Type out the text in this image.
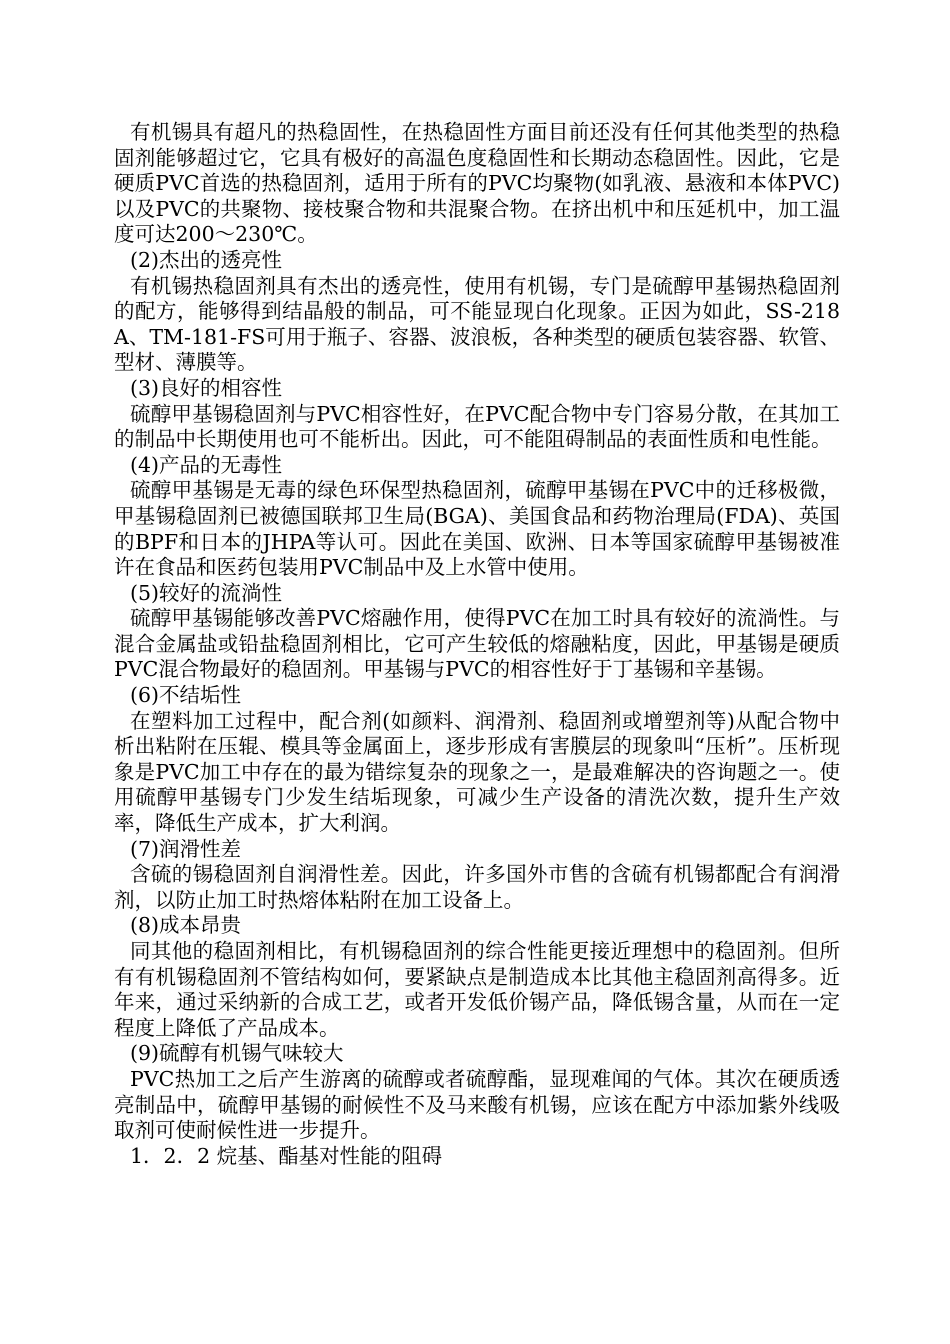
有机锡具有超凡的热稳固性，在热稳固性方面目前还没有任何其他类型的热稳固剂能够超过它，它具有极好的高温色度稳固性和长期动态稳固性。因此，它是硬质PVC首选的热稳固剂，适用于所有的PVC均聚物(如乳液、悬液和本体PVC)以及PVC的共聚物、接枝聚合物和共混聚合物。在挤出机中和压延机中，加工温度可达200～230℃。

(2)杰出的透亮性

有机锡热稳固剂具有杰出的透亮性，使用有机锡，专门是硫醇甲基锡热稳固剂的配方，能够得到结晶般的制品，可不能显现白化现象。正因为如此，SS-218A、TM-181-FS可用于瓶子、容器、波浪板，各种类型的硬质包装容器、软管、型材、薄膜等。

(3)良好的相容性

硫醇甲基锡稳固剂与PVC相容性好，在PVC配合物中专门容易分散，在其加工的制品中长期使用也可不能析出。因此，可不能阻碍制品的表面性质和电性能。

(4)产品的无毒性

硫醇甲基锡是无毒的绿色环保型热稳固剂，硫醇甲基锡在PVC中的迁移极微，甲基锡稳固剂已被德国联邦卫生局(BGA)、美国食品和药物治理局(FDA)、英国的BPF和日本的JHPA等认可。因此在美国、欧洲、日本等国家硫醇甲基锡被准许在食品和医药包装用PVC制品中及上水管中使用。

(5)较好的流淌性

硫醇甲基锡能够改善PVC熔融作用，使得PVC在加工时具有较好的流淌性。与混合金属盐或铅盐稳固剂相比，它可产生较低的熔融粘度，因此，甲基锡是硬质PVC混合物最好的稳固剂。甲基锡与PVC的相容性好于丁基锡和辛基锡。

(6)不结垢性

在塑料加工过程中，配合剂(如颜料、润滑剂、稳固剂或增塑剂等)从配合物中析出粘附在压辊、模具等金属面上，逐步形成有害膜层的现象叫“压析”。压析现象是PVC加工中存在的最为错综复杂的现象之一，是最难解决的咨询题之一。使用硫醇甲基锡专门少发生结垢现象，可减少生产设备的清洗次数，提升生产效率，降低生产成本，扩大利润。

(7)润滑性差

含硫的锡稳固剂自润滑性差。因此，许多国外市售的含硫有机锡都配合有润滑剂，以防止加工时热熔体粘附在加工设备上。

(8)成本昂贵

同其他的稳固剂相比，有机锡稳固剂的综合性能更接近理想中的稳固剂。但所有有机锡稳固剂不管结构如何，要紧缺点是制造成本比其他主稳固剂高得多。近年来，通过采纳新的合成工艺，或者开发低价锡产品，降低锡含量，从而在一定程度上降低了产品成本。

(9)硫醇有机锡气味较大

PVC热加工之后产生游离的硫醇或者硫醇酯，显现难闻的气体。其次在硬质透亮制品中，硫醇甲基锡的耐候性不及马来酸有机锡，应该在配方中添加紫外线吸取剂可使耐候性进一步提升。

1．2．2 烷基、酯基对性能的阻碍
